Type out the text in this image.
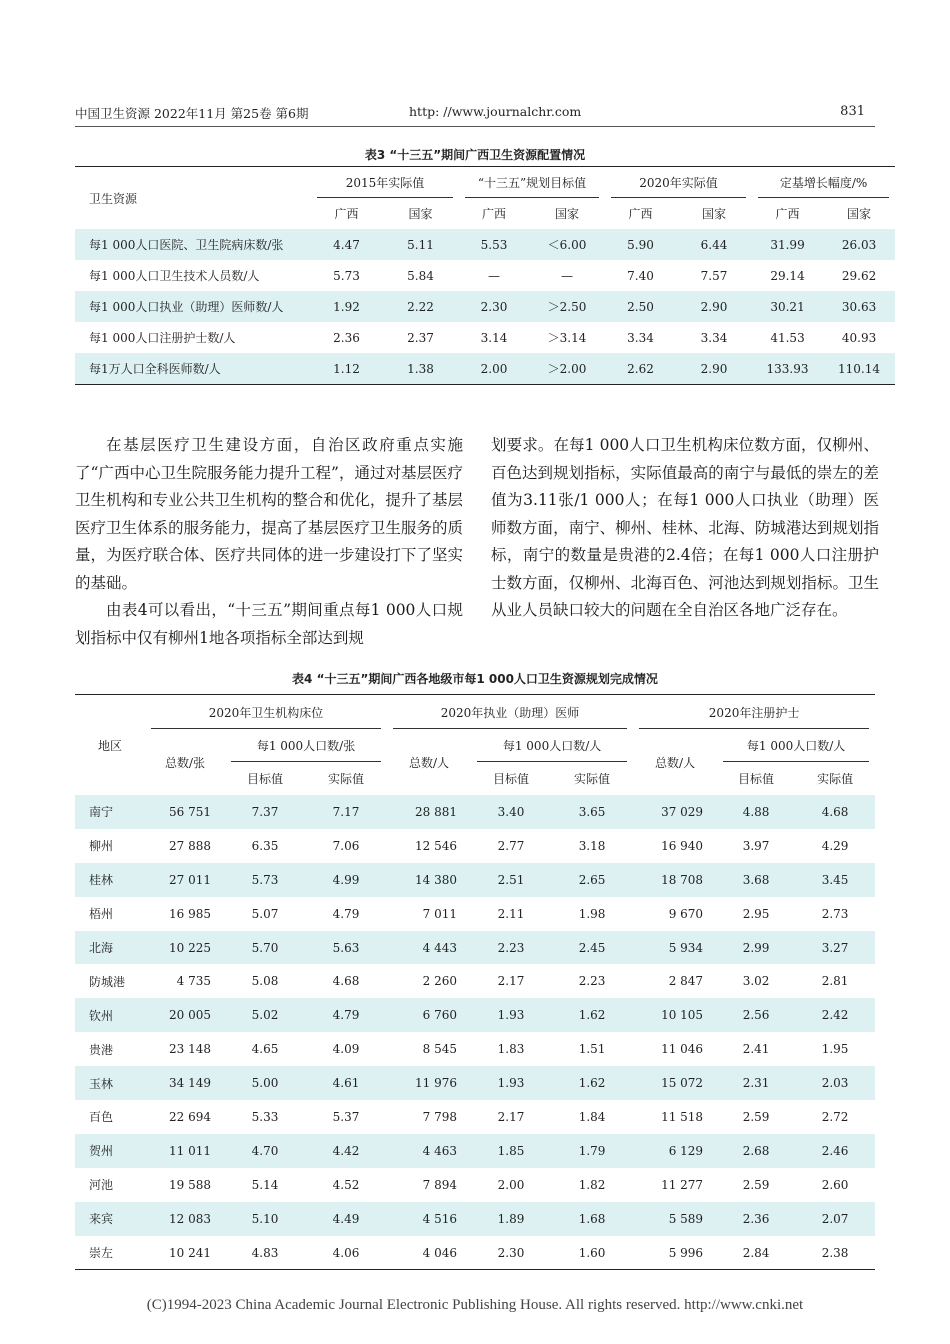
中国卫生资源 2022年11月 第25卷 第6期	http: //www.journalchr.com	831
表3 “十三五”期间广西卫生资源配置情况
卫生资源	2015年实际值		“十三五”规划目标值		2020年实际值		定基增长幅度/%	
	广西	国家	广西	国家	广西	国家	广西	国家
每1 000人口医院、卫生院病床数/张	4.47	5.11	5.53	＜6.00	5.90	6.44	31.99	26.03
每1 000人口卫生技术人员数/人	5.73	5.84	—	—	7.40	7.57	29.14	29.62
每1 000人口执业（助理）医师数/人	1.92	2.22	2.30	＞2.50	2.50	2.90	30.21	30.63
每1 000人口注册护士数/人	2.36	2.37	3.14	＞3.14	3.34	3.34	41.53	40.93
每1万人口全科医师数/人	1.12	1.38	2.00	＞2.00	2.62	2.90	133.93	110.14

在基层医疗卫生建设方面，自治区政府重点实施了“广西中心卫生院服务能力提升工程”，通过对基层医疗卫生机构和专业公共卫生机构的整合和优化，提升了基层医疗卫生体系的服务能力，提高了基层医疗卫生服务的质量，为医疗联合体、医疗共同体的进一步建设打下了坚实的基础。

由表4可以看出，“十三五”期间重点每1 000人口规划指标中仅有柳州1地各项指标全部达到规

划要求。在每1 000人口卫生机构床位数方面，仅柳州、百色达到规划指标，实际值最高的南宁与最低的崇左的差值为3.11张/1 000人；在每1 000人口执业（助理）医师数方面，南宁、柳州、桂林、北海、防城港达到规划指标，南宁的数量是贵港的2.4倍；在每1 000人口注册护士数方面，仅柳州、北海百色、河池达到规划指标。卫生从业人员缺口较大的问题在全自治区各地广泛存在。

表4 “十三五”期间广西各地级市每1 000人口卫生资源规划完成情况
地区	2020年卫生机构床位			2020年执业（助理）医师			2020年注册护士		
	总数/张	每1 000人口数/张		总数/人	每1 000人口数/人		总数/人	每1 000人口数/人	
		目标值	实际值		目标值	实际值		目标值	实际值
南宁	56 751	7.37	7.17	28 881	3.40	3.65	37 029	4.88	4.68
柳州	27 888	6.35	7.06	12 546	2.77	3.18	16 940	3.97	4.29
桂林	27 011	5.73	4.99	14 380	2.51	2.65	18 708	3.68	3.45
梧州	16 985	5.07	4.79	7 011	2.11	1.98	9 670	2.95	2.73
北海	10 225	5.70	5.63	4 443	2.23	2.45	5 934	2.99	3.27
防城港	4 735	5.08	4.68	2 260	2.17	2.23	2 847	3.02	2.81
钦州	20 005	5.02	4.79	6 760	1.93	1.62	10 105	2.56	2.42
贵港	23 148	4.65	4.09	8 545	1.83	1.51	11 046	2.41	1.95
玉林	34 149	5.00	4.61	11 976	1.93	1.62	15 072	2.31	2.03
百色	22 694	5.33	5.37	7 798	2.17	1.84	11 518	2.59	2.72
贺州	11 011	4.70	4.42	4 463	1.85	1.79	6 129	2.68	2.46
河池	19 588	5.14	4.52	7 894	2.00	1.82	11 277	2.59	2.60
来宾	12 083	5.10	4.49	4 516	1.89	1.68	5 589	2.36	2.07
崇左	10 241	4.83	4.06	4 046	2.30	1.60	5 996	2.84	2.38
(C)1994-2023 China Academic Journal Electronic Publishing House. All rights reserved. http://www.cnki.net
